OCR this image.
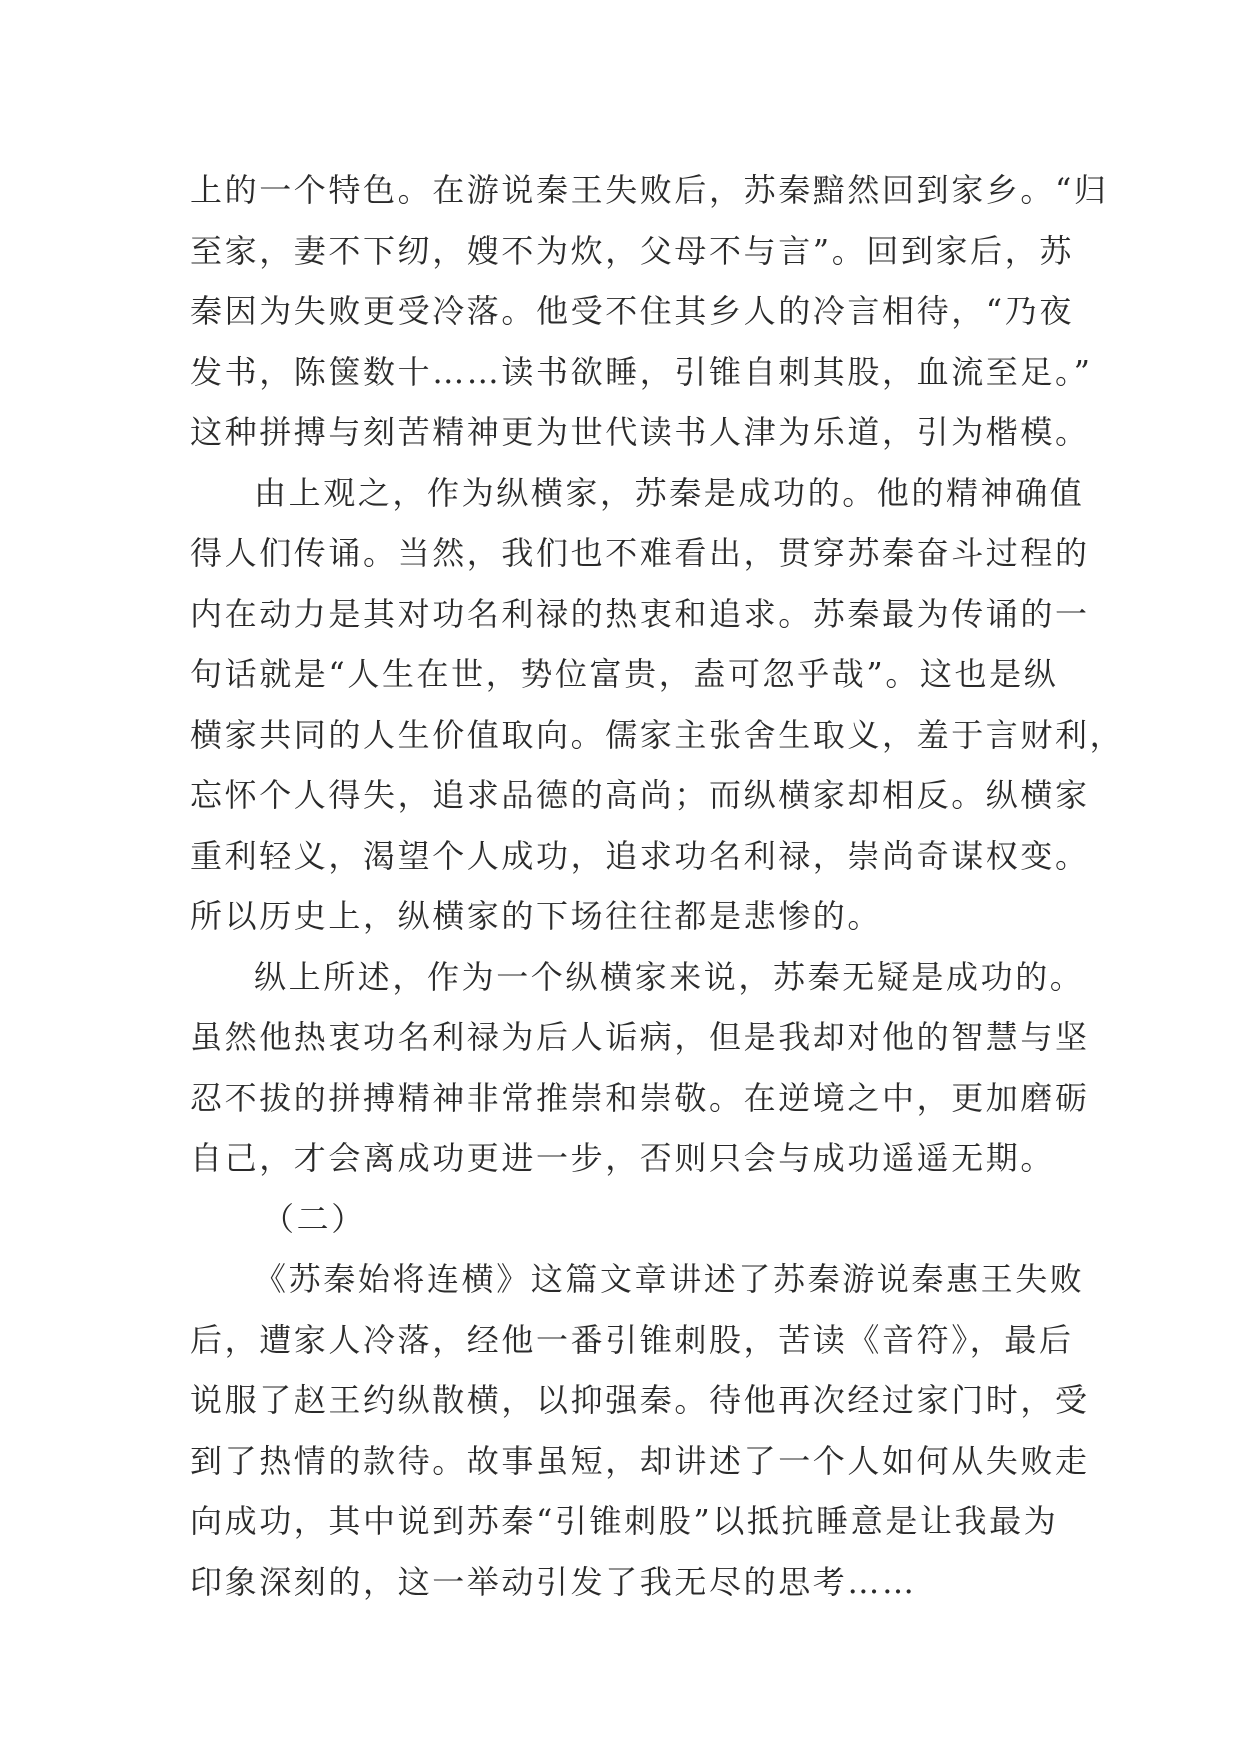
上的一个特色。在游说秦王失败后，苏秦黯然回到家乡。“归
至家，妻不下纫，嫂不为炊，父母不与言”。回到家后，苏
秦因为失败更受冷落。他受不住其乡人的冷言相待，“乃夜
发书，陈箧数十……读书欲睡，引锥自刺其股，血流至足。”
这种拼搏与刻苦精神更为世代读书人津为乐道，引为楷模。
由上观之，作为纵横家，苏秦是成功的。他的精神确值
得人们传诵。当然，我们也不难看出，贯穿苏秦奋斗过程的
内在动力是其对功名利禄的热衷和追求。苏秦最为传诵的一
句话就是“人生在世，势位富贵，盍可忽乎哉”。这也是纵
横家共同的人生价值取向。儒家主张舍生取义，羞于言财利，
忘怀个人得失，追求品德的高尚；而纵横家却相反。纵横家
重利轻义，渴望个人成功，追求功名利禄，崇尚奇谋权变。
所以历史上，纵横家的下场往往都是悲惨的。
纵上所述，作为一个纵横家来说，苏秦无疑是成功的。
虽然他热衷功名利禄为后人诟病，但是我却对他的智慧与坚
忍不拔的拼搏精神非常推崇和崇敬。在逆境之中，更加磨砺
自己，才会离成功更进一步，否则只会与成功遥遥无期。
（二）
《苏秦始将连横》这篇文章讲述了苏秦游说秦惠王失败
后，遭家人冷落，经他一番引锥刺股，苦读《音符》，最后
说服了赵王约纵散横，以抑强秦。待他再次经过家门时，受
到了热情的款待。故事虽短，却讲述了一个人如何从失败走
向成功，其中说到苏秦“引锥刺股”以抵抗睡意是让我最为
印象深刻的，这一举动引发了我无尽的思考……
